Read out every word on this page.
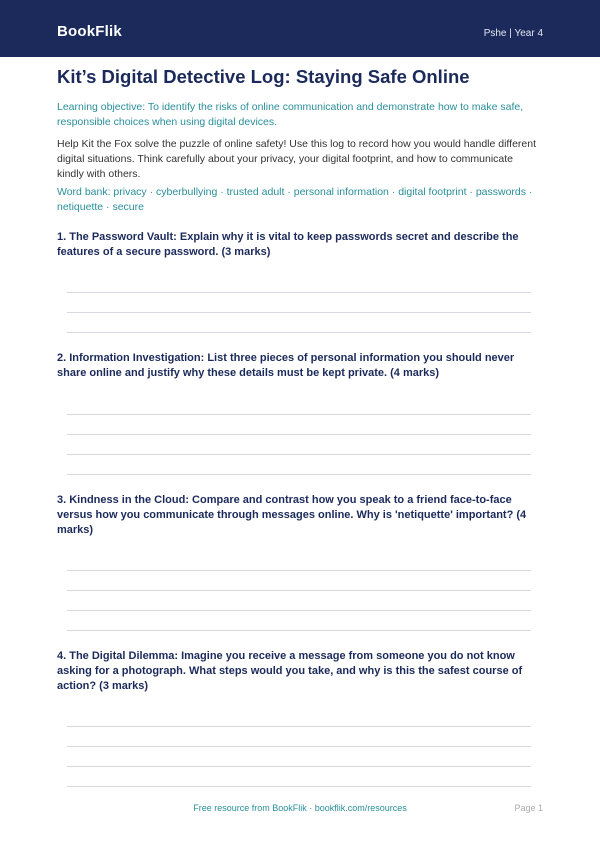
BookFlik	Pshe | Year 4
Kit’s Digital Detective Log: Staying Safe Online
Learning objective: To identify the risks of online communication and demonstrate how to make safe, responsible choices when using digital devices.
Help Kit the Fox solve the puzzle of online safety! Use this log to record how you would handle different digital situations. Think carefully about your privacy, your digital footprint, and how to communicate kindly with others.
Word bank: privacy · cyberbullying · trusted adult · personal information · digital footprint · passwords · netiquette · secure
1. The Password Vault: Explain why it is vital to keep passwords secret and describe the features of a secure password. (3 marks)
2. Information Investigation: List three pieces of personal information you should never share online and justify why these details must be kept private. (4 marks)
3. Kindness in the Cloud: Compare and contrast how you speak to a friend face-to-face versus how you communicate through messages online. Why is 'netiquette' important? (4 marks)
4. The Digital Dilemma: Imagine you receive a message from someone you do not know asking for a photograph. What steps would you take, and why is this the safest course of action? (3 marks)
Free resource from BookFlik · bookflik.com/resources	Page 1
